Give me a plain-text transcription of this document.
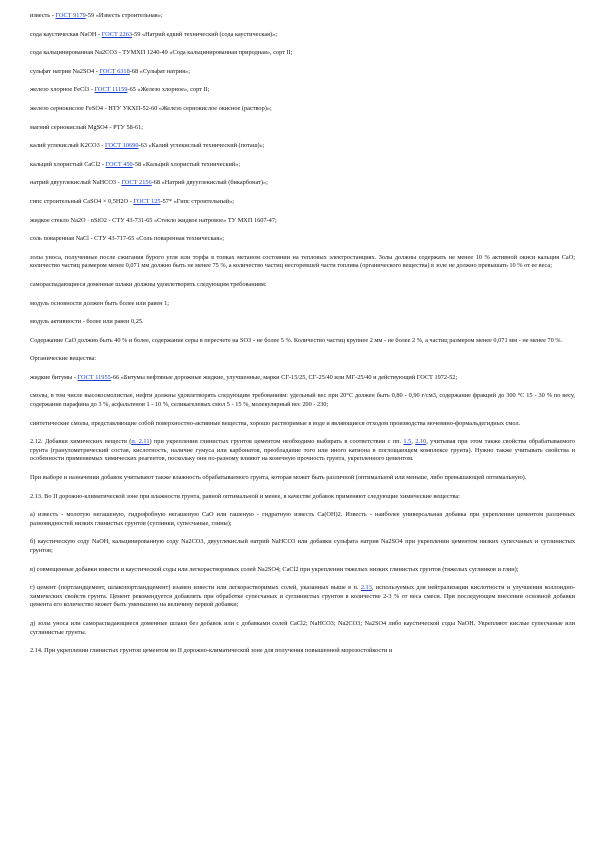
известь - ГОСТ 9179-59 «Известь строительная»;

сода каустическая NaOH - ГОСТ 2263-59 «Натрий едкий технический (сода каустическая)»;

сода кальцинированная Na2CO3 - ТУМХП 1240-49 «Сода кальцинированная природная», сорт II;

сульфат натрия Na2SO4 - ГОСТ 6318-68 «Сульфат натрия»;

железо хлорное FeCl3 - ГОСТ 11159-65 «Железо хлорное», сорт II;

железо сернокислое FeSO4 - НТУ УКХП-52-60 «Железо сернокислое окисное (раствор)»;

магний сернокислый MgSO4 - РТУ 58-61;

калий углекислый K2CO3 - ГОСТ 10690-63 «Калий углекислый технический (поташ)»;

кальций хлористый CaCl2 - ГОСТ 450-58 «Кальций хлористый технический»;

натрий двууглекислый NaHCO3 - ГОСТ 2156-68 «Натрий двууглекислый (бикарбонат)»;

гипс строительный CaSO4 × 0,5H2O - ГОСТ 125-57* «Гипс строительный»;

жидкое стекло Na2O · nSiO2 - СТУ 43-731-65 «Стекло жидкое натровое» ТУ МХП 1607-47;

соль поваренная NaCl - СТУ 43-717-65 «Соль поваренная техническая»;

золы уноса, полученные после сжигания бурого угля или торфа в топках метаном состоянии на тепловых электростанциях. Золы должны содержать не менее 10 % активной окиси кальция CaO; количество частиц размером менее 0,071 мм должно быть не менее 75 %, а количество частиц несгоревшей части топлива (органического вещества) в золе не должно превышать 10 % от ее веса;

самораспадающиеся доменные шлаки должны удовлетворять следующим требованиям:

модуль основности должен быть более или равен 1;

модуль активности - более или равен 0,25.

Содержание CaO должно быть 40 % и более, содержание серы в пересчете на SO3 - не более 5 %. Количество частиц крупнее 2 мм - не более 2 %, а частиц размером менее 0,071 мм - не менее 70 %.

Органические вещества:

жидкие битумы - ГОСТ 11955-66 «Битумы нефтяные дорожные жидкие, улучшенные, марки СГ-15/25, СГ-25/40 или МГ-25/40 и действующий ГОСТ 1972-52;

смолы, в том числе высокосмолистые, нефти должны удовлетворять следующим требованиям: удельный вес при 20°С должен быть 0,80 - 0,90 г/см3, содержание фракций до 300 °С 15 - 30 % по весу, содержание парафина до 3 %, асфальтенов 1 - 10 %, селикагелевых смол 5 - 15 %, молекулярный вес 200 - 230;

синтетические смолы, представляющие собой поверхностно-активные вещества, хорошо растворимые в воде и являющиеся отходом производства мочевино-формальдегидных смол.

2.12. Добавки химических веществ (п. 2.11) при укреплении глинистых грунтов цементом необходимо выбирать в соответствии с пп. 1.5, 2.10, учитывая при этом также свойства обрабатываемого грунта (гранулометрический состав, кислотность, наличие гумуса или карбонатов, преобладание того или иного катиона в поглощающем комплексе грунта). Нужно также учитывать свойства и особенности применяемых химических реагентов, поскольку они по-разному влияют на конечную прочность грунта, укрепленного цементом.

При выборе и назначении добавок учитывают также влажность обрабатываемого грунта, которая может быть различной (оптимальной или меньше, либо превышающей оптимальную).

2.13. Во II дорожно-климатической зоне при влажности грунта, равной оптимальной и менее, в качестве добавок применяют следующие химические вещества:

а) известь - молотую негашеную, гидрофобную негашеную CaO или гашеную - гидратную известь Ca(OH)2. Известь - наиболее универсальная добавка при укреплении цементом различных разновидностей низких глинистых грунтов (суглинки, супесчаные, глины);

б) каустическую соду NaOH, кальцинированную соду Na2CO3, двууглекислый натрий NaHCO3 или добавки сульфата натрия Na2SO4 при укреплении цементом низких супесчаных и суглинистых грунтов;

в) совмещенные добавки извести и каустической соды или легкорастворимых солей Na2SO4; CaCl2 при укреплении тяжелых низких глинистых грунтов (тяжелых суглинков и глин);

г) цемент (портландцемент, шлакопортландцемент) взамен извести или легкорастворимых солей, указанных выше в п. 2.13, используемых для нейтрализации кислотности и улучшения коллоидно-химических свойств грунта. Цемент рекомендуется добавлять при обработке супесчаных и суглинистых грунтов в количестве 2-3 % от веса смеси. При последующем внесении основной добавки цемента его количество может быть уменьшено на величину первой добавки;

д) золы уноса или самораспадающиеся доменные шлаки без добавок или с добавками солей CaCl2; NaHCO3; Na2CO3; Na2SO4 либо каустической соды NaOH. Укрепляют кислые супесчаные или суглинистые грунты.

2.14. При укреплении глинистых грунтов цементом во II дорожно-климатической зоне для получения повышенной морозостойкости и
